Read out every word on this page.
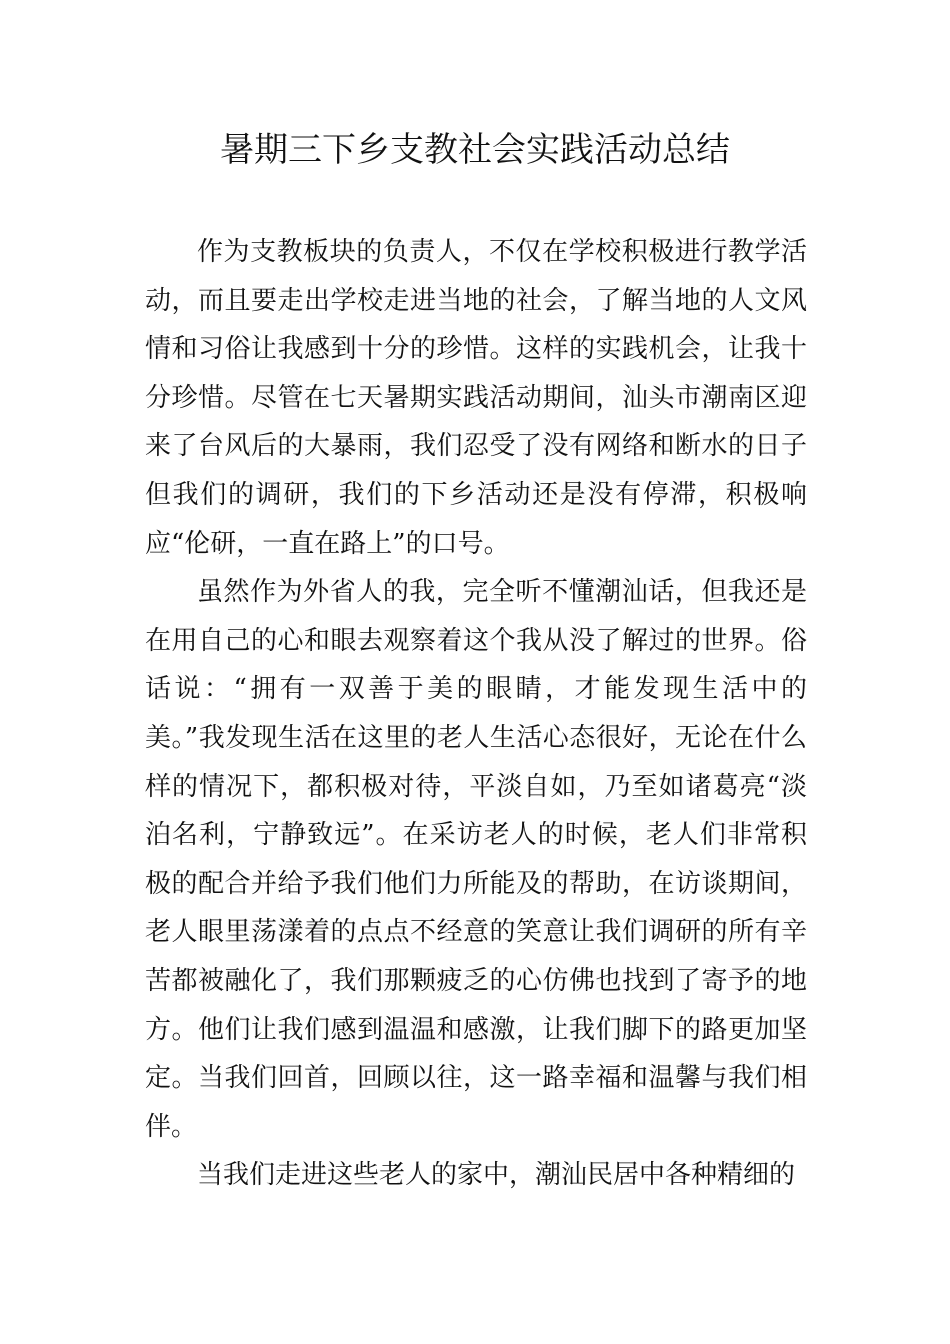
暑期三下乡支教社会实践活动总结

作为支教板块的负责人，不仅在学校积极进行教学活动，而且要走出学校走进当地的社会，了解当地的人文风情和习俗让我感到十分的珍惜。这样的实践机会，让我十分珍惜。尽管在七天暑期实践活动期间，汕头市潮南区迎来了台风后的大暴雨，我们忍受了没有网络和断水的日子但我们的调研，我们的下乡活动还是没有停滞，积极响应“伦研，一直在路上”的口号。

虽然作为外省人的我，完全听不懂潮汕话，但我还是在用自己的心和眼去观察着这个我从没了解过的世界。俗话说：“拥有一双善于美的眼睛，才能发现生活中的美。”我发现生活在这里的老人生活心态很好，无论在什么样的情况下，都积极对待，平淡自如，乃至如诸葛亮“淡泊名利，宁静致远”。在采访老人的时候，老人们非常积极的配合并给予我们他们力所能及的帮助，在访谈期间，老人眼里荡漾着的点点不经意的笑意让我们调研的所有辛苦都被融化了，我们那颗疲乏的心仿佛也找到了寄予的地方。他们让我们感到温温和感激，让我们脚下的路更加坚定。当我们回首，回顾以往，这一路幸福和温馨与我们相伴。

当我们走进这些老人的家中，潮汕民居中各种精细的
